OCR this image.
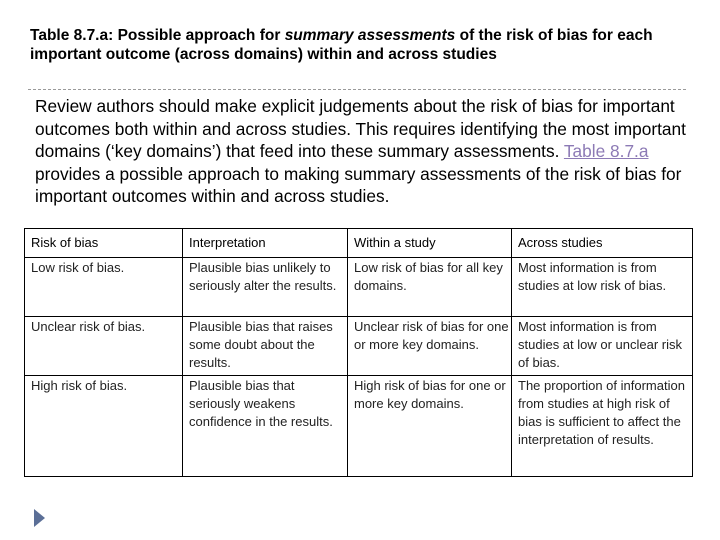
Table 8.7.a: Possible approach for summary assessments of the risk of bias for each important outcome (across domains) within and across studies
Review authors should make explicit judgements about the risk of bias for important outcomes both within and across studies. This requires identifying the most important domains (‘key domains’) that feed into these summary assessments. Table 8.7.a provides a possible approach to making summary assessments of the risk of bias for important outcomes within and across studies.
Risk of bias	Interpretation	Within a study	Across studies
Low risk of bias.	Plausible bias unlikely to seriously alter the results.	Low risk of bias for all key domains.	Most information is from studies at low risk of bias.
Unclear risk of bias.	Plausible bias that raises some doubt about the results.	Unclear risk of bias for one or more key domains.	Most information is from studies at low or unclear risk of bias.
High risk of bias.	Plausible bias that seriously weakens confidence in the results.	High risk of bias for one or more key domains.	The proportion of information from studies at high risk of bias is sufficient to affect the interpretation of results.
